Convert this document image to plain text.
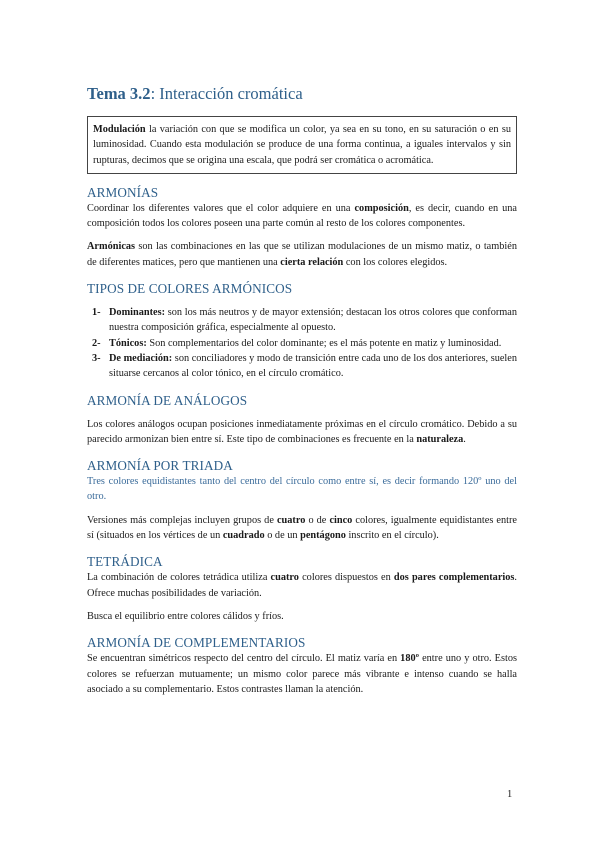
Tema 3.2: Interacción cromática
Modulación la variación con que se modifica un color, ya sea en su tono, en su saturación o en su luminosidad. Cuando esta modulación se produce de una forma continua, a iguales intervalos y sin rupturas, decimos que se origina una escala, que podrá ser cromática o acromática.
ARMONÍAS

Coordinar los diferentes valores que el color adquiere en una composición, es decir, cuando en una composición todos los colores poseen una parte común al resto de los colores componentes.

Armónicas son las combinaciones en las que se utilizan modulaciones de un mismo matiz, o también de diferentes matices, pero que mantienen una cierta relación con los colores elegidos.

TIPOS DE COLORES ARMÓNICOS
1- Dominantes: son los más neutros y de mayor extensión; destacan los otros colores que conforman nuestra composición gráfica, especialmente al opuesto.
2- Tónicos: Son complementarios del color dominante; es el más potente en matiz y luminosidad.
3- De mediación: son conciliadores y modo de transición entre cada uno de los dos anteriores, suelen situarse cercanos al color tónico, en el círculo cromático.
ARMONÍA DE ANÁLOGOS

Los colores análogos ocupan posiciones inmediatamente próximas en el círculo cromático. Debido a su parecido armonizan bien entre sí. Este tipo de combinaciones es frecuente en la naturaleza.

ARMONÍA POR TRIADA

Tres colores equidistantes tanto del centro del círculo como entre sí, es decir formando 120º uno del otro.

Versiones más complejas incluyen grupos de cuatro o de cinco colores, igualmente equidistantes entre sí (situados en los vértices de un cuadrado o de un pentágono inscrito en el círculo).

TETRÁDICA

La combinación de colores tetrádica utiliza cuatro colores dispuestos en dos pares complementarios. Ofrece muchas posibilidades de variación.

Busca el equilibrio entre colores cálidos y fríos.

ARMONÍA DE COMPLEMENTARIOS

Se encuentran simétricos respecto del centro del círculo. El matiz varía en 180º entre uno y otro. Estos colores se refuerzan mutuamente; un mismo color parece más vibrante e intenso cuando se halla asociado a su complementario. Estos contrastes llaman la atención.

1
